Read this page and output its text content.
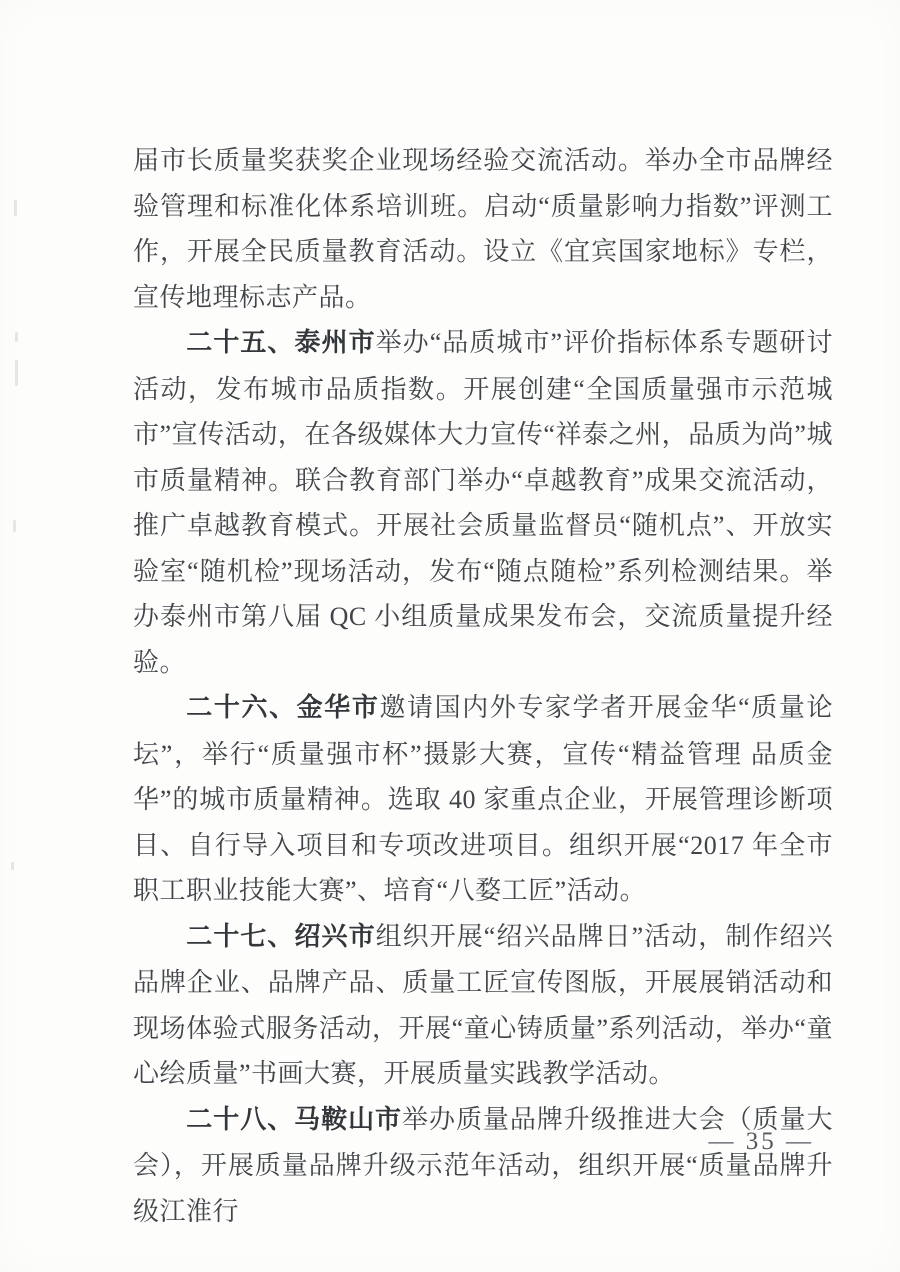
届市长质量奖获奖企业现场经验交流活动。举办全市品牌经验管理和标准化体系培训班。启动“质量影响力指数”评测工作，开展全民质量教育活动。设立《宜宾国家地标》专栏，宣传地理标志产品。

二十五、泰州市举办“品质城市”评价指标体系专题研讨活动，发布城市品质指数。开展创建“全国质量强市示范城市”宣传活动，在各级媒体大力宣传“祥泰之州，品质为尚”城市质量精神。联合教育部门举办“卓越教育”成果交流活动，推广卓越教育模式。开展社会质量监督员“随机点”、开放实验室“随机检”现场活动，发布“随点随检”系列检测结果。举办泰州市第八届 QC 小组质量成果发布会，交流质量提升经验。

二十六、金华市邀请国内外专家学者开展金华“质量论坛”，举行“质量强市杯”摄影大赛，宣传“精益管理 品质金华”的城市质量精神。选取 40 家重点企业，开展管理诊断项目、自行导入项目和专项改进项目。组织开展“2017 年全市职工职业技能大赛”、培育“八婺工匠”活动。

二十七、绍兴市组织开展“绍兴品牌日”活动，制作绍兴品牌企业、品牌产品、质量工匠宣传图版，开展展销活动和现场体验式服务活动，开展“童心铸质量”系列活动，举办“童心绘质量”书画大赛，开展质量实践教学活动。

二十八、马鞍山市举办质量品牌升级推进大会（质量大会），开展质量品牌升级示范年活动，组织开展“质量品牌升级江淮行

— 35 —
